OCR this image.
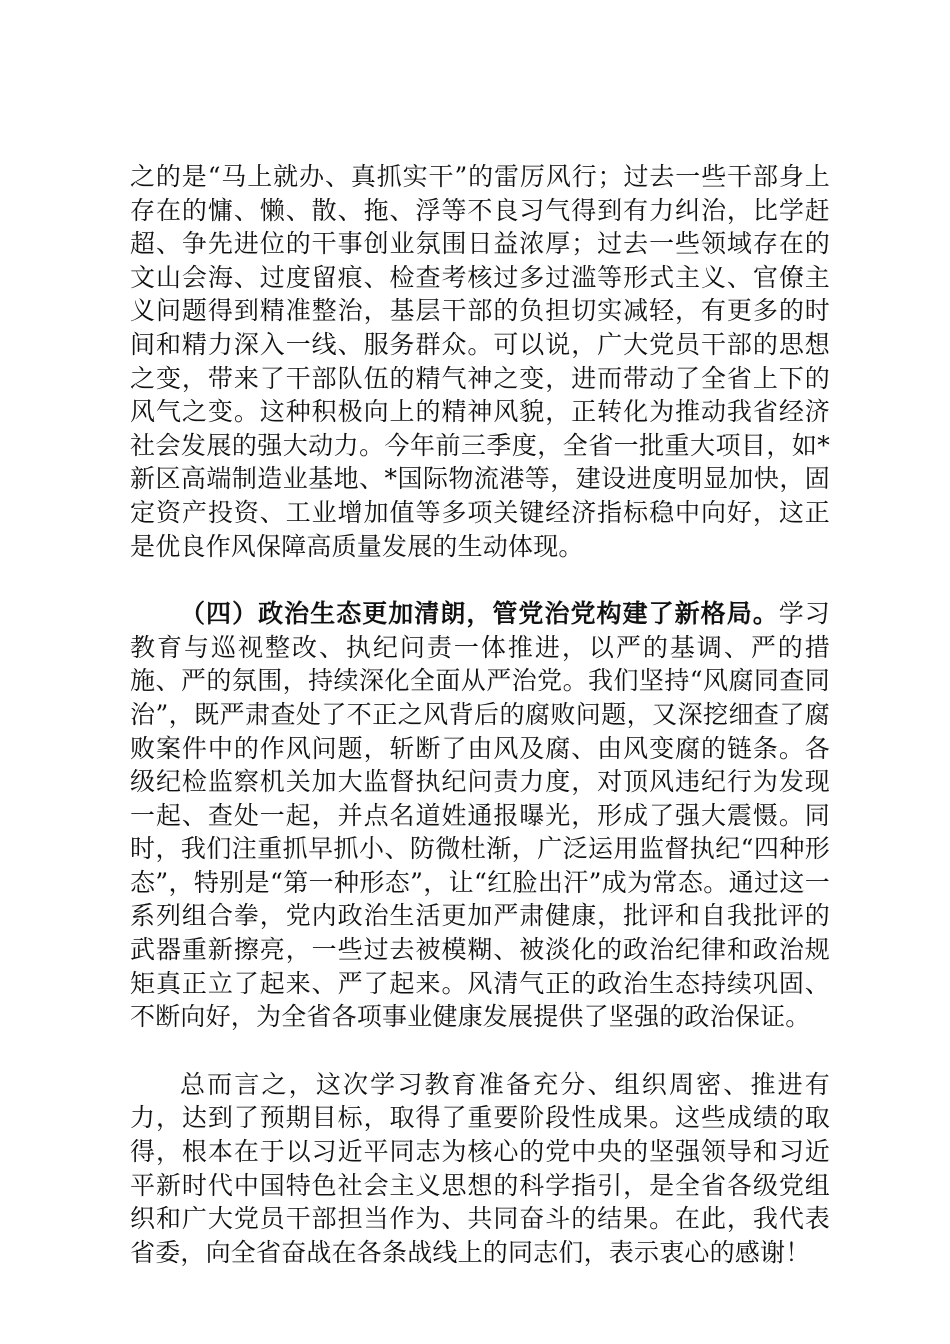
之的是“马上就办、真抓实干”的雷厉风行；过去一些干部身上存在的慵、懒、散、拖、浮等不良习气得到有力纠治，比学赶超、争先进位的干事创业氛围日益浓厚；过去一些领域存在的文山会海、过度留痕、检查考核过多过滥等形式主义、官僚主义问题得到精准整治，基层干部的负担切实减轻，有更多的时间和精力深入一线、服务群众。可以说，广大党员干部的思想之变，带来了干部队伍的精气神之变，进而带动了全省上下的风气之变。这种积极向上的精神风貌，正转化为推动我省经济社会发展的强大动力。今年前三季度，全省一批重大项目，如*新区高端制造业基地、*国际物流港等，建设进度明显加快，固定资产投资、工业增加值等多项关键经济指标稳中向好，这正是优良作风保障高质量发展的生动体现。

（四）政治生态更加清朗，管党治党构建了新格局。学习教育与巡视整改、执纪问责一体推进，以严的基调、严的措施、严的氛围，持续深化全面从严治党。我们坚持“风腐同查同治”，既严肃查处了不正之风背后的腐败问题，又深挖细查了腐败案件中的作风问题，斩断了由风及腐、由风变腐的链条。各级纪检监察机关加大监督执纪问责力度，对顶风违纪行为发现一起、查处一起，并点名道姓通报曝光，形成了强大震慑。同时，我们注重抓早抓小、防微杜渐，广泛运用监督执纪“四种形态”，特别是“第一种形态”，让“红脸出汗”成为常态。通过这一系列组合拳，党内政治生活更加严肃健康，批评和自我批评的武器重新擦亮，一些过去被模糊、被淡化的政治纪律和政治规矩真正立了起来、严了起来。风清气正的政治生态持续巩固、不断向好，为全省各项事业健康发展提供了坚强的政治保证。

总而言之，这次学习教育准备充分、组织周密、推进有力，达到了预期目标，取得了重要阶段性成果。这些成绩的取得，根本在于以习近平同志为核心的党中央的坚强领导和习近平新时代中国特色社会主义思想的科学指引，是全省各级党组织和广大党员干部担当作为、共同奋斗的结果。在此，我代表省委，向全省奋战在各条战线上的同志们，表示衷心的感谢！
